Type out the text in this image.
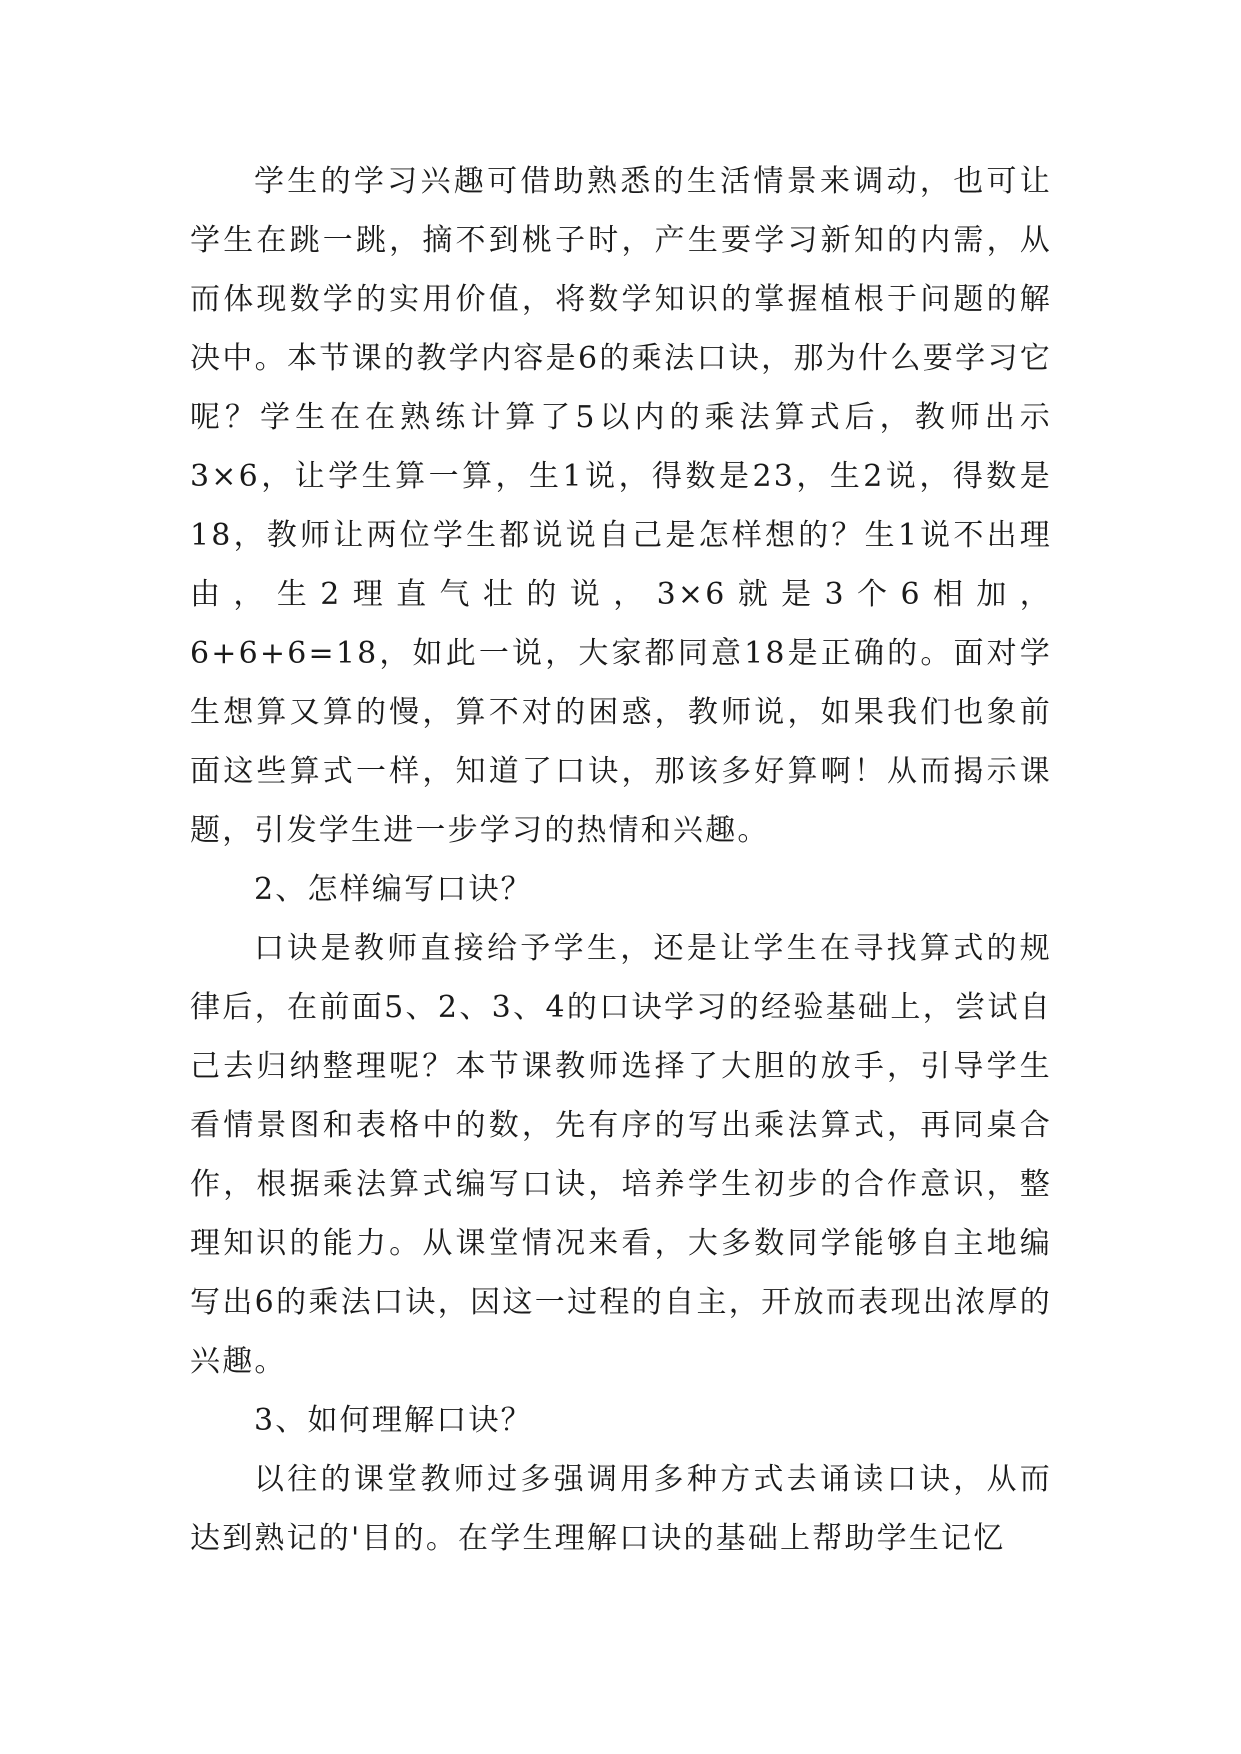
学生的学习兴趣可借助熟悉的生活情景来调动，也可让学生在跳一跳，摘不到桃子时，产生要学习新知的内需，从而体现数学的实用价值，将数学知识的掌握植根于问题的解决中。本节课的教学内容是6的乘法口诀，那为什么要学习它呢？学生在在熟练计算了5以内的乘法算式后，教师出示3×6，让学生算一算，生1说，得数是23，生2说，得数是18，教师让两位学生都说说自己是怎样想的？生1说不出理由，生2理直气壮的说，3×6就是3个6相加，6+6+6=18，如此一说，大家都同意18是正确的。面对学生想算又算的慢，算不对的困惑，教师说，如果我们也象前面这些算式一样，知道了口诀，那该多好算啊！从而揭示课题，引发学生进一步学习的热情和兴趣。

2、怎样编写口诀？

口诀是教师直接给予学生，还是让学生在寻找算式的规律后，在前面5、2、3、4的口诀学习的经验基础上，尝试自己去归纳整理呢？本节课教师选择了大胆的放手，引导学生看情景图和表格中的数，先有序的写出乘法算式，再同桌合作，根据乘法算式编写口诀，培养学生初步的合作意识，整理知识的能力。从课堂情况来看，大多数同学能够自主地编写出6的乘法口诀，因这一过程的自主，开放而表现出浓厚的兴趣。

3、如何理解口诀？

以往的课堂教师过多强调用多种方式去诵读口诀，从而达到熟记的'目的。在学生理解口诀的基础上帮助学生记忆
